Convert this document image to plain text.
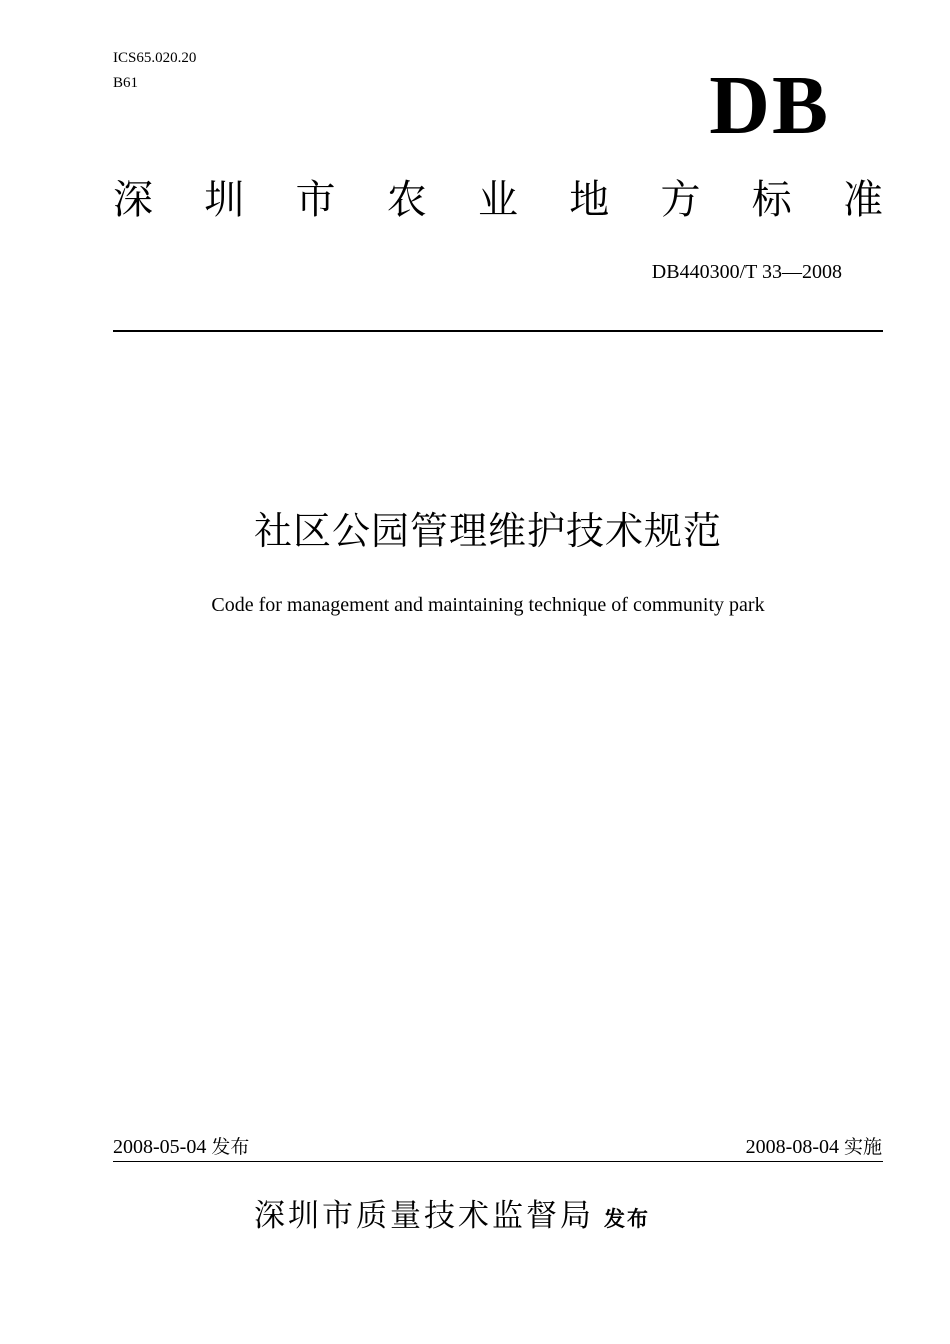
ICS65.020.20
B61	DB
深 圳 市 农 业 地 方 标 准
DB440300/T 33—2008
社区公园管理维护技术规范
Code for management and maintaining technique of community park
2008-05-04 发布	2008-08-04 实施
深圳市质量技术监督局 发布
